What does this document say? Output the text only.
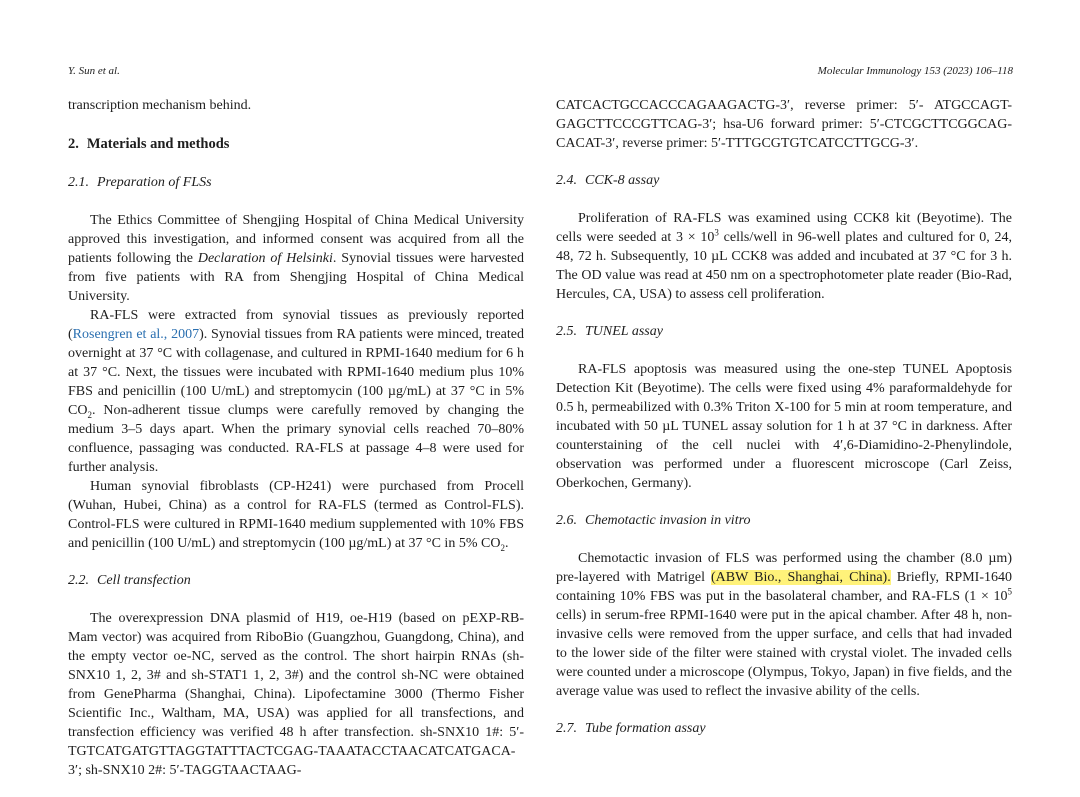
Y. Sun et al.	Molecular Immunology 153 (2023) 106–118

transcription mechanism behind.

2. Materials and methods
2.1. Preparation of FLSs

The Ethics Committee of Shengjing Hospital of China Medical University approved this investigation, and informed consent was acquired from all the patients following the Declaration of Helsinki. Synovial tissues were harvested from five patients with RA from Shengjing Hospital of China Medical University.

RA-FLS were extracted from synovial tissues as previously reported (Rosengren et al., 2007). Synovial tissues from RA patients were minced, treated overnight at 37 °C with collagenase, and cultured in RPMI-1640 medium for 6 h at 37 °C. Next, the tissues were incubated with RPMI-1640 medium plus 10% FBS and penicillin (100 U/mL) and streptomycin (100 µg/mL) at 37 °C in 5% $CO_2$. Non-adherent tissue clumps were carefully removed by changing the medium 3–5 days apart. When the primary synovial cells reached 70–80% confluence, passaging was conducted. RA-FLS at passage 4–8 were used for further analysis.

Human synovial fibroblasts (CP-H241) were purchased from Procell (Wuhan, Hubei, China) as a control for RA-FLS (termed as Control-FLS). Control-FLS were cultured in RPMI-1640 medium supplemented with 10% FBS and penicillin (100 U/mL) and streptomycin (100 µg/mL) at 37 °C in 5% $CO_2$.

2.2. Cell transfection

The overexpression DNA plasmid of H19, oe-H19 (based on pEXP-RB-Mam vector) was acquired from RiboBio (Guangzhou, Guangdong, China), and the empty vector oe-NC, served as the control. The short hairpin RNAs (sh-SNX10 1, 2, 3# and sh-STAT1 1, 2, 3#) and the control sh-NC were obtained from GenePharma (Shanghai, China). Lipofectamine 3000 (Thermo Fisher Scientific Inc., Waltham, MA, USA) was applied for all transfections, and transfection efficiency was verified 48 h after transfection. sh-SNX10 1#: 5′-TGTCATGATGTTAGGTATTTACTCGAG-TAAATACCTAACATCATGACA-3′; sh-SNX10 2#: 5′-TAGGTAACTAAG-

CATCACTGCCACCCAGAAGACTG-3′, reverse primer: 5′- ATGCCAGT-GAGCTTCCCGTTCAG-3′; hsa-U6 forward primer: 5′-CTCGCTTCGGCAG-CACAT-3′, reverse primer: 5′-TTTGCGTGTCATCCTTGCG-3′.

2.4. CCK-8 assay

Proliferation of RA-FLS was examined using CCK8 kit (Beyotime). The cells were seeded at $3 \times 10^3$ cells/well in 96-well plates and cultured for 0, 24, 48, 72 h. Subsequently, 10 µL CCK8 was added and incubated at 37 °C for 3 h. The OD value was read at 450 nm on a spectrophotometer plate reader (Bio-Rad, Hercules, CA, USA) to assess cell proliferation.

2.5. TUNEL assay

RA-FLS apoptosis was measured using the one-step TUNEL Apoptosis Detection Kit (Beyotime). The cells were fixed using 4% paraformaldehyde for 0.5 h, permeabilized with 0.3% Triton X-100 for 5 min at room temperature, and incubated with 50 µL TUNEL assay solution for 1 h at 37 °C in darkness. After counterstaining of the cell nuclei with 4′,6-Diamidino-2-Phenylindole, observation was performed under a fluorescent microscope (Carl Zeiss, Oberkochen, Germany).

2.6. Chemotactic invasion in vitro

Chemotactic invasion of FLS was performed using the chamber (8.0 µm) pre-layered with Matrigel (ABW Bio., Shanghai, China). Briefly, RPMI-1640 containing 10% FBS was put in the basolateral chamber, and RA-FLS ($1 \times 10^5$ cells) in serum-free RPMI-1640 were put in the apical chamber. After 48 h, non-invasive cells were removed from the upper surface, and cells that had invaded to the lower side of the filter were stained with crystal violet. The invaded cells were counted under a microscope (Olympus, Tokyo, Japan) in five fields, and the average value was used to reflect the invasive ability of the cells.

2.7. Tube formation assay
